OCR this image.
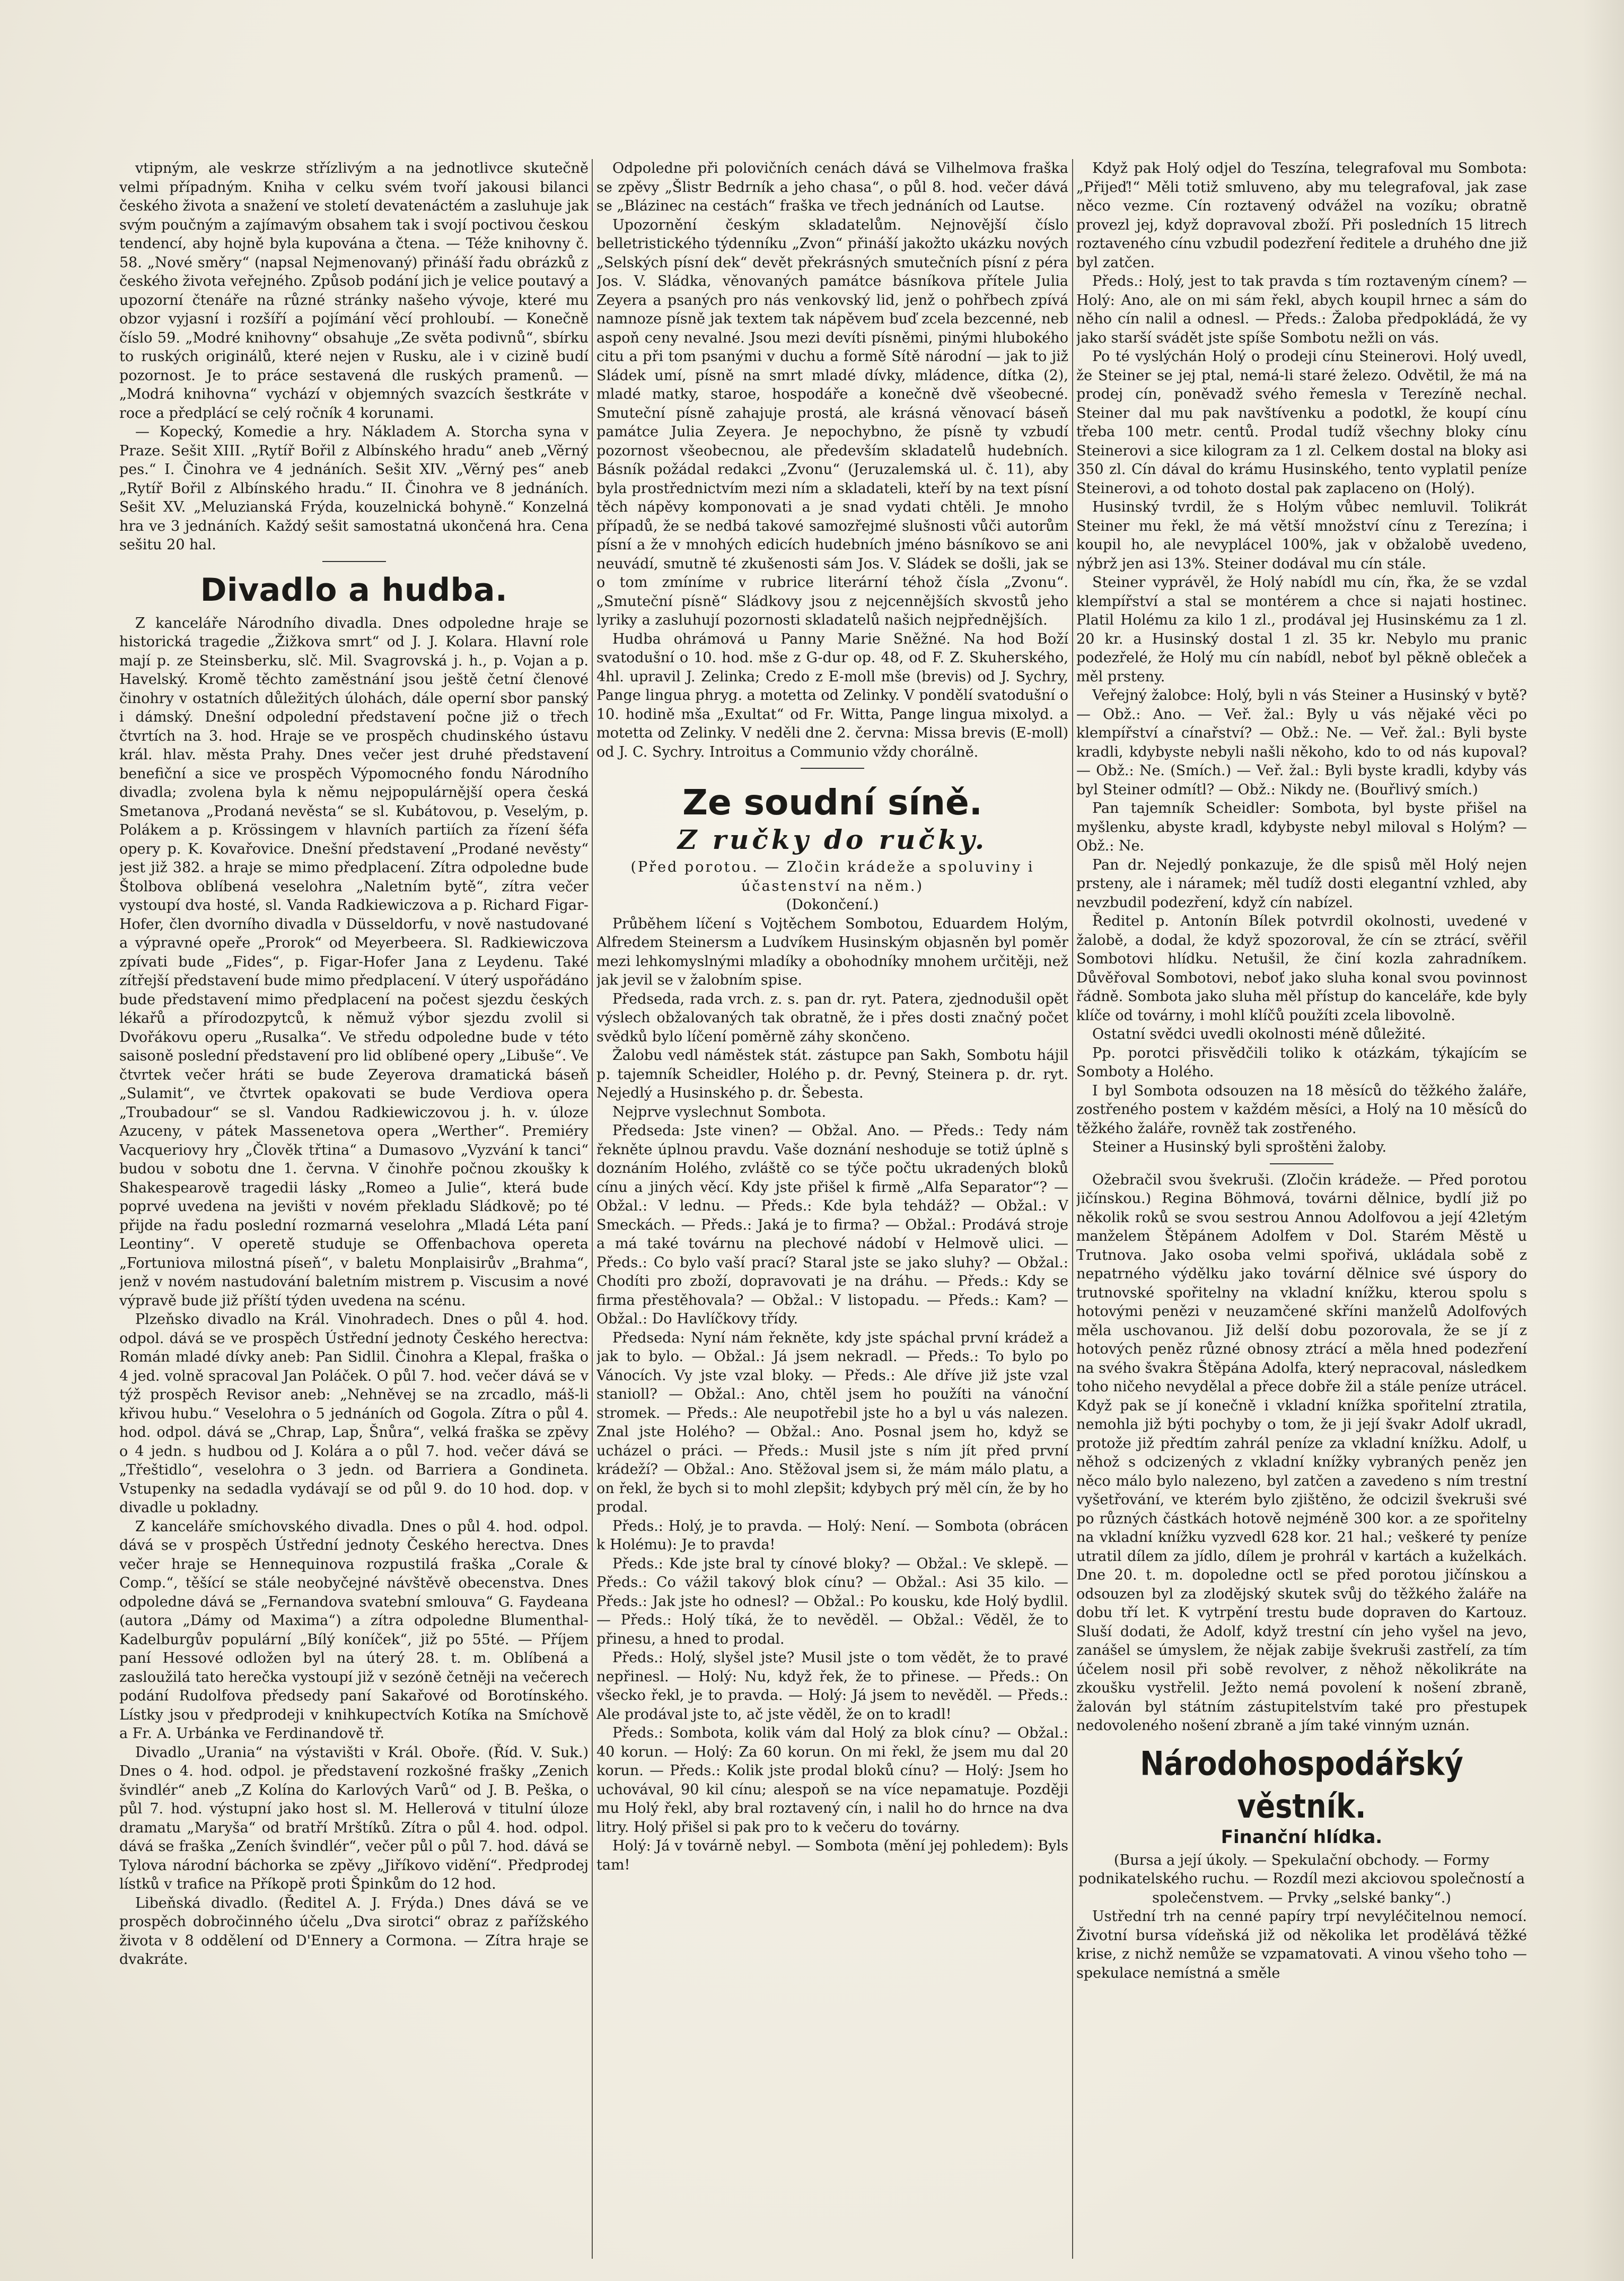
vtipným, ale veskrze střízlivým a na jednotlivce skutečně velmi případným. Kniha v celku svém tvoří jakousi bilanci českého života a snažení ve století devatenáctém a zasluhuje jak svým poučným a zajímavým obsahem tak i svojí poctivou českou tendencí, aby hojně byla kupována a čtena. — Téže knihovny č. 58. „Nové směry“ (napsal Nejmenovaný) přináší řadu obrázků z českého života veřejného. Způsob podání jich je velice poutavý a upozorní čtenáře na různé stránky našeho vývoje, které mu obzor vyjasní i rozšíří a pojímání věcí prohloubí. — Konečně číslo 59. „Modré knihovny“ obsahuje „Ze světa podivnů“, sbírku to ruských originálů, které nejen v Rusku, ale i v cizině budí pozornost. Je to práce sestavená dle ruských pramenů. — „Modrá knihovna“ vychází v objemných svazcích šestkráte v roce a předplácí se celý ročník 4 korunami.

— Kopecký, Komedie a hry. Nákladem A. Storcha syna v Praze. Sešit XIII. „Rytíř Bořil z Albínského hradu“ aneb „Věrný pes.“ I. Činohra ve 4 jednáních. Sešit XIV. „Věrný pes“ aneb „Rytíř Bořil z Albínského hradu.“ II. Činohra ve 8 jednáních. Sešit XV. „Meluzianská Frýda, kouzelnická bohyně.“ Konzelná hra ve 3 jednáních. Každý sešit samostatná ukončená hra. Cena sešitu 20 hal.

Divadlo a hudba.

Z kanceláře Národního divadla. Dnes odpoledne hraje se historická tragedie „Žižkova smrt“ od J. J. Kolara. Hlavní role mají p. ze Steinsberku, slč. Mil. Svagrovská j. h., p. Vojan a p. Havelský. Kromě těchto zaměstnání jsou ještě četní členové činohry v ostatních důležitých úlohách, dále operní sbor panský i dámský. Dnešní odpolední představení počne již o třech čtvrtích na 3. hod. Hraje se ve prospěch chudinského ústavu král. hlav. města Prahy. Dnes večer jest druhé představení benefiční a sice ve prospěch Výpomocného fondu Národního divadla; zvolena byla k němu nejpopulárnější opera česká Smetanova „Prodaná nevěsta“ se sl. Kubátovou, p. Veselým, p. Polákem a p. Krössingem v hlavních partiích za řízení šéfa opery p. K. Kovařovice. Dnešní představení „Prodané nevěsty“ jest již 382. a hraje se mimo předplacení. Zítra odpoledne bude Štolbova oblíbená veselohra „Naletním bytě“, zítra večer vystoupí dva hosté, sl. Vanda Radkiewiczova a p. Richard Figar-Hofer, člen dvorního divadla v Düsseldorfu, v nově nastudované a výpravné opeře „Prorok“ od Meyerbeera. Sl. Radkiewiczova zpívati bude „Fides“, p. Figar-Hofer Jana z Leydenu. Také zítřejší představení bude mimo předplacení. V úterý uspořádáno bude představení mimo předplacení na počest sjezdu českých lékařů a přírodozpytců, k němuž výbor sjezdu zvolil si Dvořákovu operu „Rusalka“. Ve středu odpoledne bude v této saisoně poslední představení pro lid oblíbené opery „Libuše“. Ve čtvrtek večer hráti se bude Zeyerova dramatická báseň „Sulamit“, ve čtvrtek opakovati se bude Verdiova opera „Troubadour“ se sl. Vandou Radkiewiczovou j. h. v. úloze Azuceny, v pátek Massenetova opera „Werther“. Premiéry Vacqueriovy hry „Člověk třtina“ a Dumasovo „Vyzvání k tanci“ budou v sobotu dne 1. června. V činohře počnou zkoušky k Shakespearově tragedii lásky „Romeo a Julie“, která bude poprvé uvedena na jevišti v novém překladu Sládkově; po té přijde na řadu poslední rozmarná veselohra „Mladá Léta paní Leontiny“. V operetě studuje se Offenbachova opereta „Fortuniova milostná píseň“, v baletu Monplaisirův „Brahma“, jenž v novém nastudování baletním mistrem p. Viscusim a nové výpravě bude již příští týden uvedena na scénu.

Plzeňsko divadlo na Král. Vinohradech. Dnes o půl 4. hod. odpol. dává se ve prospěch Ústřední jednoty Českého herectva: Román mladé dívky aneb: Pan Sidlil. Činohra a Klepal, fraška o 4 jed. volně spracoval Jan Poláček. O půl 7. hod. večer dává se v týž prospěch Revisor aneb: „Nehněvej se na zrcadlo, máš-li křivou hubu.“ Veselohra o 5 jednáních od Gogola. Zítra o půl 4. hod. odpol. dává se „Chrap, Lap, Šnůra“, velká fraška se zpěvy o 4 jedn. s hudbou od J. Kolára a o půl 7. hod. večer dává se „Třeštidlo“, veselohra o 3 jedn. od Barriera a Gondineta. Vstupenky na sedadla vydávají se od půl 9. do 10 hod. dop. v divadle u pokladny.

Z kanceláře smíchovského divadla. Dnes o půl 4. hod. odpol. dává se v prospěch Ústřední jednoty Českého herectva. Dnes večer hraje se Hennequinova rozpustilá fraška „Corale & Comp.“, těšící se stále neobyčejné návštěvě obecenstva. Dnes odpoledne dává se „Fernandova svatební smlouva“ G. Faydeana (autora „Dámy od Maxima“) a zítra odpoledne Blumenthal-Kadelburgův populární „Bílý koníček“, již po 55té. — Příjem paní Hessové odložen byl na úterý 28. t. m. Oblíbená a zasloužilá tato herečka vystoupí již v sezóně četněji na večerech podání Rudolfova předsedy paní Sakařové od Borotínského. Lístky jsou v předprodeji v knihkupectvích Kotíka na Smíchově a Fr. A. Urbánka ve Ferdinandově tř.

Divadlo „Urania“ na výstavišti v Král. Oboře. (Říd. V. Suk.) Dnes o 4. hod. odpol. je představení rozkošné frašky „Zenich švindlér“ aneb „Z Kolína do Karlových Varů“ od J. B. Peška, o půl 7. hod. výstupní jako host sl. M. Hellerová v titulní úloze dramatu „Maryša“ od bratří Mrštíků. Zítra o půl 4. hod. odpol. dává se fraška „Zeních švindlér“, večer půl o půl 7. hod. dává se Tylova národní báchorka se zpěvy „Jiříkovo vidění“. Předprodej lístků v trafice na Příkopě proti Špinkům do 12 hod.

Libeňská divadlo. (Ředitel A. J. Frýda.) Dnes dává se ve prospěch dobročinného účelu „Dva sirotci“ obraz z pařížského života v 8 oddělení od D'Ennery a Cormona. — Zítra hraje se dvakráte.

Odpoledne při polovičních cenách dává se Vilhelmova fraška se zpěvy „Šlistr Bedrník a jeho chasa“, o půl 8. hod. večer dává se „Blázinec na cestách“ fraška ve třech jednáních od Lautse.

Upozornění českým skladatelům. Nejnovější číslo belletristického týdenníku „Zvon“ přináší jakožto ukázku nových „Selských písní dek“ devět překrásných smutečních písní z péra Jos. V. Sládka, věnovaných památce básníkova přítele Julia Zeyera a psaných pro nás venkovský lid, jenž o pohřbech zpívá namnoze písně jak textem tak nápěvem buď zcela bezcenné, neb aspoň ceny nevalné. Jsou mezi devíti písněmi, pinými hlubokého citu a při tom psanými v duchu a formě Sítě národní — jak to již Sládek umí, písně na smrt mladé dívky, mládence, dítka (2), mladé matky, staroe, hospodáře a konečně dvě všeobecné. Smuteční písně zahajuje prostá, ale krásná věnovací báseň památce Julia Zeyera. Je nepochybno, že písně ty vzbudí pozornost všeobecnou, ale především skladatelů hudebních. Básník požádal redakci „Zvonu“ (Jeruzalemská ul. č. 11), aby byla prostřednictvím mezi ním a skladateli, kteří by na text písní těch nápěvy komponovati a je snad vydati chtěli. Je mnoho případů, že se nedbá takové samozřejmé slušnosti vůči autorům písní a že v mnohých edicích hudebních jméno básníkovo se ani neuvádí, smutně té zkušenosti sám Jos. V. Sládek se došli, jak se o tom zmíníme v rubrice literární téhož čísla „Zvonu“. „Smuteční písně“ Sládkovy jsou z nejcennějších skvostů jeho lyriky a zasluhují pozornosti skladatelů našich nejpřednějších.

Hudba ohrámová u Panny Marie Sněžné. Na hod Boží svatodušní o 10. hod. mše z G-dur op. 48, od F. Z. Skuherského, 4hl. upravil J. Zelinka; Credo z E-moll mše (brevis) od J. Sychry, Pange lingua phryg. a motetta od Zelinky. V pondělí svatodušní o 10. hodině mša „Exultat“ od Fr. Witta, Pange lingua mixolyd. a motetta od Zelinky. V neděli dne 2. června: Missa brevis (E-moll) od J. C. Sychry. Introitus a Communio vždy chorálně.

Ze soudní síně.
Z ručky do ručky.

(Před porotou. — Zločin krádeže a spoluviny i účastenství na něm.)

(Dokončení.)

Průběhem líčení s Vojtěchem Sombotou, Eduardem Holým, Alfredem Steinersm a Ludvíkem Husinským objasněn byl poměr mezi lehkomyslnými mladíky a obohodníky mnohem určitěji, než jak jevil se v žalobním spise.

Předseda, rada vrch. z. s. pan dr. ryt. Patera, zjednodušil opět výslech obžalovaných tak obratně, že i přes dosti značný počet svědků bylo líčení poměrně záhy skončeno.

Žalobu vedl náměstek stát. zástupce pan Sakh, Sombotu hájil p. tajemník Scheidler, Holého p. dr. Pevný, Steinera p. dr. ryt. Nejedlý a Husinského p. dr. Šebesta.

Nejprve vyslechnut Sombota.

Předseda: Jste vinen? — Obžal. Ano. — Předs.: Tedy nám řekněte úplnou pravdu. Vaše doznání neshoduje se totiž úplně s doznáním Holého, zvláště co se týče počtu ukradených bloků cínu a jiných věcí. Kdy jste přišel k firmě „Alfa Separator“? — Obžal.: V lednu. — Předs.: Kde byla tehdáž? — Obžal.: V Smeckách. — Předs.: Jaká je to firma? — Obžal.: Prodává stroje a má také továrnu na plechové nádobí v Helmově ulici. — Předs.: Co bylo vaší prací? Staral jste se jako sluhy? — Obžal.: Chodíti pro zboží, dopravovati je na dráhu. — Předs.: Kdy se firma přestěhovala? — Obžal.: V listopadu. — Předs.: Kam? — Obžal.: Do Havlíčkovy třídy.

Předseda: Nyní nám řekněte, kdy jste spáchal první krádež a jak to bylo. — Obžal.: Já jsem nekradl. — Předs.: To bylo po Vánocích. Vy jste vzal bloky. — Předs.: Ale dříve již jste vzal stanioll? — Obžal.: Ano, chtěl jsem ho použíti na vánoční stromek. — Předs.: Ale neupotřebil jste ho a byl u vás nalezen. Znal jste Holého? — Obžal.: Ano. Posnal jsem ho, když se ucházel o práci. — Předs.: Musil jste s ním jít před první krádeží? — Obžal.: Ano. Stěžoval jsem si, že mám málo platu, a on řekl, že bych si to mohl zlepšit; kdybych prý měl cín, že by ho prodal.

Předs.: Holý, je to pravda. — Holý: Není. — Sombota (obrácen k Holému): Je to pravda!

Předs.: Kde jste bral ty cínové bloky? — Obžal.: Ve sklepě. — Předs.: Co vážil takový blok cínu? — Obžal.: Asi 35 kilo. — Předs.: Jak jste ho odnesl? — Obžal.: Po kousku, kde Holý bydlil. — Předs.: Holý tíká, že to nevěděl. — Obžal.: Věděl, že to přinesu, a hned to prodal.

Předs.: Holý, slyšel jste? Musil jste o tom vědět, že to pravé nepřinesl. — Holý: Nu, když řek, že to přinese. — Předs.: On všecko řekl, je to pravda. — Holý: Já jsem to nevěděl. — Předs.: Ale prodával jste to, ač jste věděl, že on to kradl!

Předs.: Sombota, kolik vám dal Holý za blok cínu? — Obžal.: 40 korun. — Holý: Za 60 korun. On mi řekl, že jsem mu dal 20 korun. — Předs.: Kolik jste prodal bloků cínu? — Holý: Jsem ho uchovával, 90 kil cínu; alespoň se na více nepamatuje. Později mu Holý řekl, aby bral roztavený cín, i nalil ho do hrnce na dva litry. Holý přišel si pak pro to k večeru do továrny.

Holý: Já v továrně nebyl. — Sombota (mění jej pohledem): Byls tam!

Když pak Holý odjel do Teszína, telegrafoval mu Sombota: „Přijeď!“ Měli totiž smluveno, aby mu telegrafoval, jak zase něco vezme. Cín roztavený odvážel na vozíku; obratně provezl jej, když dopravoval zboží. Při posledních 15 litrech roztaveného cínu vzbudil podezření ředitele a druhého dne již byl zatčen.

Předs.: Holý, jest to tak pravda s tím roztaveným cínem? — Holý: Ano, ale on mi sám řekl, abych koupil hrnec a sám do něho cín nalil a odnesl. — Předs.: Žaloba předpokládá, že vy jako starší svádět jste spíše Sombotu nežli on vás.

Po té vyslýchán Holý o prodeji cínu Steinerovi. Holý uvedl, že Steiner se jej ptal, nemá-li staré železo. Odvětil, že má na prodej cín, poněvadž svého řemesla v Terezíně nechal. Steiner dal mu pak navštívenku a podotkl, že koupí cínu třeba 100 metr. centů. Prodal tudíž všechny bloky cínu Steinerovi a sice kilogram za 1 zl. Celkem dostal na bloky asi 350 zl. Cín dával do krámu Husinského, tento vyplatil peníze Steinerovi, a od tohoto dostal pak zaplaceno on (Holý).

Husinský tvrdil, že s Holým vůbec nemluvil. Tolikrát Steiner mu řekl, že má větší množství cínu z Terezína; i koupil ho, ale nevyplácel 100%, jak v obžalobě uvedeno, nýbrž jen asi 13%. Steiner dodával mu cín stále.

Steiner vyprávěl, že Holý nabídl mu cín, řka, že se vzdal klempířství a stal se montérem a chce si najati hostinec. Platil Holému za kilo 1 zl., prodával jej Husinskému za 1 zl. 20 kr. a Husinský dostal 1 zl. 35 kr. Nebylo mu pranic podezřelé, že Holý mu cín nabídl, neboť byl pěkně obleček a měl prsteny.

Veřejný žalobce: Holý, byli n vás Steiner a Husinský v bytě? — Obž.: Ano. — Veř. žal.: Byly u vás nějaké věci po klempířství a cínařství? — Obž.: Ne. — Veř. žal.: Byli byste kradli, kdybyste nebyli našli někoho, kdo to od nás kupoval? — Obž.: Ne. (Smích.) — Veř. žal.: Byli byste kradli, kdyby vás byl Steiner odmítl? — Obž.: Nikdy ne. (Bouřlivý smích.)

Pan tajemník Scheidler: Sombota, byl byste přišel na myšlenku, abyste kradl, kdybyste nebyl miloval s Holým? — Obž.: Ne.

Pan dr. Nejedlý ponkazuje, že dle spisů měl Holý nejen prsteny, ale i náramek; měl tudíž dosti elegantní vzhled, aby nevzbudil podezření, když cín nabízel.

Ředitel p. Antonín Bílek potvrdil okolnosti, uvedené v žalobě, a dodal, že když spozoroval, že cín se ztrácí, svěřil Sombotovi hlídku. Netušil, že činí kozla zahradníkem. Důvěřoval Sombotovi, neboť jako sluha konal svou povinnost řádně. Sombota jako sluha měl přístup do kanceláře, kde byly klíče od továrny, i mohl klíčů použíti zcela libovolně.

Ostatní svědci uvedli okolnosti méně důležité.

Pp. porotci přisvědčili toliko k otázkám, týkajícím se Somboty a Holého.

I byl Sombota odsouzen na 18 měsíců do těžkého žaláře, zostřeného postem v každém měsíci, a Holý na 10 měsíců do těžkého žaláře, rovněž tak zostřeného.

Steiner a Husinský byli sproštěni žaloby.

Ožebračil svou švekruši. (Zločin krádeže. — Před porotou jičínskou.) Regina Böhmová, továrni dělnice, bydlí již po několik roků se svou sestrou Annou Adolfovou a její 42letým manželem Štěpánem Adolfem v Dol. Starém Městě u Trutnova. Jako osoba velmi spořivá, ukládala sobě z nepatrného výdělku jako tovární dělnice své úspory do trutnovské spořitelny na vkladní knížku, kterou spolu s hotovými penězi v neuzamčené skříni manželů Adolfových měla uschovanou. Již delší dobu pozorovala, že se jí z hotových peněz různé obnosy ztrácí a měla hned podezření na svého švakra Štěpána Adolfa, který nepracoval, následkem toho ničeho nevydělal a přece dobře žil a stále peníze utrácel. Když pak se jí konečně i vkladní knížka spořitelní ztratila, nemohla již býti pochyby o tom, že ji její švakr Adolf ukradl, protože již předtím zahrál peníze za vkladní knížku. Adolf, u něhož s odcizených z vkladní knížky vybraných peněz jen něco málo bylo nalezeno, byl zatčen a zavedeno s ním trestní vyšetřování, ve kterém bylo zjištěno, že odcizil švekruši své po různých částkách hotově nejméně 300 kor. a ze spořitelny na vkladní knížku vyzvedl 628 kor. 21 hal.; veškeré ty peníze utratil dílem za jídlo, dílem je prohrál v kartách a kuželkách. Dne 20. t. m. dopoledne octl se před porotou jičínskou a odsouzen byl za zlodějský skutek svůj do těžkého žaláře na dobu tří let. K vytrpění trestu bude dopraven do Kartouz. Sluší dodati, že Adolf, když trestní cín jeho vyšel na jevo, zanášel se úmyslem, že nějak zabije švekruši zastřelí, za tím účelem nosil při sobě revolver, z něhož několikráte na zkoušku vystřelil. Ježto nemá povolení k nošení zbraně, žalován byl státním zástupitelstvím také pro přestupek nedovoleného nošení zbraně a jím také vinným uznán.

Národohospodářský věstník.
Finanční hlídka.

(Bursa a její úkoly. — Spekulační obchody. — Formy podnikatelského ruchu. — Rozdíl mezi akciovou společností a společenstvem. — Prvky „selské banky“.)

Ustřední trh na cenné papíry trpí nevyléčitelnou nemocí. Životní bursa vídeňská již od několika let prodělává těžké krise, z nichž nemůže se vzpamatovati. A vinou všeho toho — spekulace nemístná a směle
